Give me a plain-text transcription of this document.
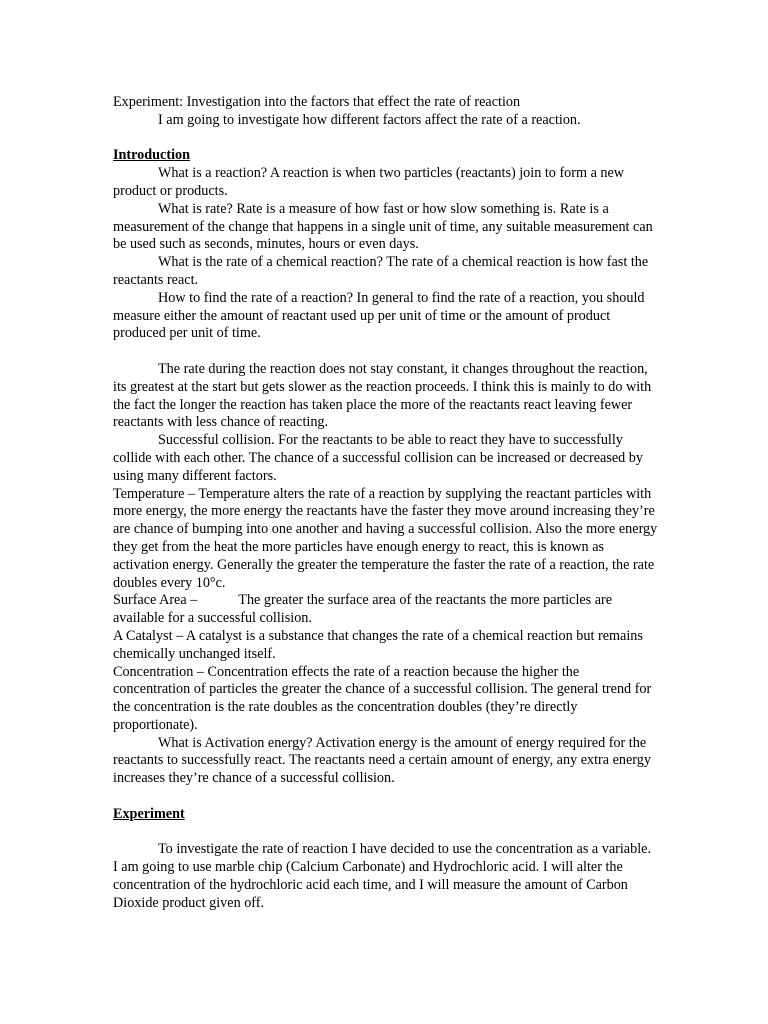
Experiment: Investigation into the factors that effect the rate of reaction

I am going to investigate how different factors affect the rate of a reaction.

Introduction

What is a reaction? A reaction is when two particles (reactants) join to form a new product or products.

What is rate? Rate is a measure of how fast or how slow something is. Rate is a measurement of the change that happens in a single unit of time, any suitable measurement can be used such as seconds, minutes, hours or even days.

What is the rate of a chemical reaction? The rate of a chemical reaction is how fast the reactants react.

How to find the rate of a reaction? In general to find the rate of a reaction, you should measure either the amount of reactant used up per unit of time or the amount of product produced per unit of time.

The rate during the reaction does not stay constant, it changes throughout the reaction, its greatest at the start but gets slower as the reaction proceeds. I think this is mainly to do with the fact the longer the reaction has taken place the more of the reactants react leaving fewer reactants with less chance of reacting.

Successful collision. For the reactants to be able to react they have to successfully collide with each other. The chance of a successful collision can be increased or decreased by using many different factors.

Temperature – Temperature alters the rate of a reaction by supplying the reactant particles with more energy, the more energy the reactants have the faster they move around increasing they’re are chance of bumping into one another and having a successful collision. Also the more energy they get from the heat the more particles have enough energy to react, this is known as activation energy. Generally the greater the temperature the faster the rate of a reaction, the rate doubles every 10°c.

Surface Area –	The greater the surface area of the reactants the more particles are available for a successful collision.

A Catalyst – A catalyst is a substance that changes the rate of a chemical reaction but remains chemically unchanged itself.

Concentration – Concentration effects the rate of a reaction because the higher the concentration of particles the greater the chance of a successful collision. The general trend for the concentration is the rate doubles as the concentration doubles (they’re directly proportionate).

What is Activation energy? Activation energy is the amount of energy required for the reactants to successfully react. The reactants need a certain amount of energy, any extra energy increases they’re chance of a successful collision.

Experiment

To investigate the rate of reaction I have decided to use the concentration as a variable. I am going to use marble chip (Calcium Carbonate) and Hydrochloric acid. I will alter the concentration of the hydrochloric acid each time, and I will measure the amount of Carbon Dioxide product given off.
